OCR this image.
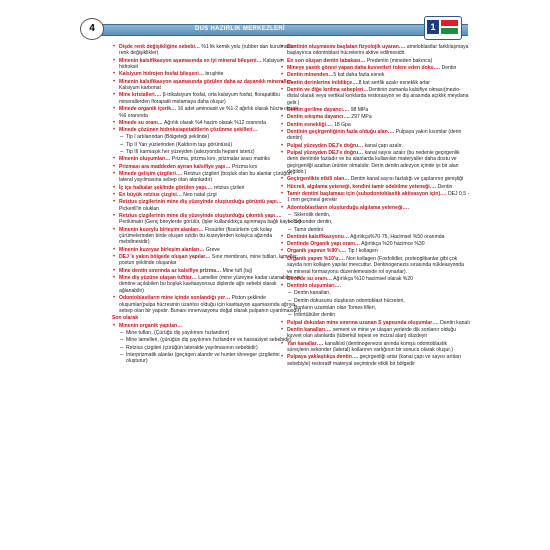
4	DUS HAZIRLIK MERKEZLERİ	1
• Dişde renk değişikliğine sebebi… %1 lik kemik yolu (rubber dan kurulmadan renk değişiklikler)
• Minenin kalsifikasyon aşamasında en iyi mineral bileşeni… Kalsiyum hidroksit
• Kalsiyum hidrojen fosfat bileşeni… bruşhite
• Minenin kalsifikasyon aşamasında görülen daha az dayanıklı mineraller… Kalsiyum karbonat
• Mine kristalleri…. β-trikalsiyum fosfat, orta kalsiyum fosfat, florapatitbu minerallerden florapatit metamaya daha oluşur)
• Minede organik içerik… 16 adet aminoasit ve %1-2 ağırlık olarak hücre olarak %6 oranında
• Minede su oranı… Ağırlık olarak %4 hacim olarak %12 oranında
• Minede çözünen hidroksiapetatitlerin çözünme şekilleri…
– Tip I artılarından (Bölgeteği şeklinde)
– Tip II Yan yüzlerinden (Kaldırım taşı görüntüsü)
– Tip III karmaşık her yüzeyden (adezyonda hepsini isteriz)
• Minenin oluşumları… Prizma, prizma kını, prizmalar arası matriks
• Prizması ara maddeden ayıran kalsifiye yapı… Prizma kını
• Minede gelişim çizgileri…. Retzius çizgileri (boşluk olan bu alanlar çürüğün lateral yayılmasına sebep olan alanlardır)
• İç içe halkalar şeklinde görülen yapı…. retzius çizileri
• En büyük retzius çizgisi… Neo natal çizgi
• Retzius çizgilerinin mine diş yüzeyinde oluşturduğu görüntü yapı… Pickerill'in olukları
• Retzius çizgilerinin mine diş yüzeyinde oluşturduğu çıkıntılı yapı…. Perikimatri (Genç bireylerde görülür, (işler kullanıldıkça aşınmaya bağlı kaybolur)
• Minenin kuzeylu birleşim alanları… Fissürler (fissürlerin çok kolay çürümelerinden birde oluşan ozidin bu kuzeylerden kolayca ağzında mebdinesidir)
• Minenin kuzeyaz birleşim alanları… Greve
• DEJ 'e yakın bölgede oluşan yapılar… Sınır membranı, mine tutiları, lameller, postun şeklinde oluşanlar
• Mine dentin sınırında az kalsifiye prizma… Mine tuft (tuj)
• Mine diş yüzüne ulaşan tuftlar… Lameller (mine yüzeyine kadar uzanabilen ve dentine açılabilen bu boşluk kavitasyonsuz dişlerde ağrı sebebi olarak ağlanabilir)
• Odontoblastların mine içinde sonlandığı yer… Piston şeklinde oluşumlar(pulpa hücresinin uzantısı olduğu için kavitasyon aşamasında ağrıya sebep olan bir yapıdır. Bunanı innervasyonu doğal olarak pulpanın uyarılmasıdır)
Son olarak
• Minenin organik yapıları…
– Mine tufları, (Çürüğü diş yayılımını hızlandırır)
– Mine lamelleri, (çürüğün diş yayılımını hızlandırır ve hassasiyet sebebidir)
– Retzius çizgileri (çürüğün lateralde yayılmasının sebebidir)
– İnterprizmatik alanlar (geçirgen alandır ve hunter shreeger çizgilerini oluşturur)
• Dentinin oluşmasını başlatan fizyolojik uyaran…. ameloblastlar farklılaşmaya başlayınca odontoblast hücrelerini aktive edilmesidir.
• En son oluşan dentin tabakası… Predentin (mineden bakınca)
• Mineye yastık görevi yapan daha kuvvetleri tolere eden doku…. Dentin
• Dentin minenden…5 kat daha fazla esnek
• Dentin derinlerine inildikçe….8 kat sertlik azalır esneklik artar
• Dentin ve diğe kırılma sebepleri…Dentinin zamanla kalsifiye olması(mezio-distal olarak veya vertikal kırıklarda restorasyon ve diş arasında açıklık meydana gelir.)
• Dentin gerilme dayancı…. 98 MPa
• Dentin sıkışma dayancı…. 297 MPa
• Dentin esnekliği…. 18 Gpa
• Dentinin geçirgenliğinin fazla olduğu alan…. Pulpaya yakın kısımlar (derin dentin)
• Pulpal yüzeyden DEJ'e doğru… kanal çapı azalır.
• Pulpal yüzeyden DEJ'e doğru… kanal sayısı azalır (bu nedenle geçirgenlik derin dentinde fazladır ve bu alanlarda kullanılan materyaller daha dostu ve geçirgenliği azaltan ürünler olmalıdır. Derin dentin adezyon içinde iyi bir alan değildir.)
• Geçirgenlikte etkili olan… Dentin kanal sayısı fazlalığı ve çaplarının genişliği
• Hücreli, algılama yeteneği, kendini tamir edebilme yeteneği…. Dentin
• Tamir dentini başlaması için (subodontoblastik aktivasyon için)…. DEJ 0,5 - 1 mm geçmesi gerekir
• Adontoblastların oluşturduğu algılama yeteneği….
– Sklerotik dentin,
– Sekonder dentin,
– Tamir dentini
• Dentinin kalsifikasyonu… Ağırlıkça%70-75, Hacimsel %50 oranında
• Dentinde Organik yapı oranı… Ağırlıkça %20 hacimce %30
• Organik yapının %90'ı…. Tip I kollagen
• Organik yapım %10'u…. Non kollagen (Fosfolidler, proteoglikanlar gibi çok sayıda non kollajen yapılar mevcuttur. Dentinogenezis sırasında nükleasyonda ve mineral formasyonu düzenlemesinde rol oynarlar).
• Dentide su oranı… Ağırlıkça %10 hacimsel olarak %20
• Dentinin oluşumları….
– Dentin kanalları,
– Dentin dokusunu oluşturan odontoblast hücreleri,
– Bunların uzantıları olan Tomes lifleri,
– İntertübüler dentin
• Pulpal dokudan mine sınırına uzanan S yapısında oluşumlar…. Dentin kanalı
• Dentin kanalları…. sement ve mine ye ulaşan yerlerde dik sonlanır olduğu kuvvet olan alanlarda (tüberkül tepesi ve incizal alan) düzdeyir
• Yan kanallar…. kanallılıd (dentinogenezis anında komşu odontoblastik süreçlerin sekonder (lateral) kollarının varlığının bir sonucu olarak oluşur.)
• Pulpaya yaklaştıkça dentin…. geçirgenliği artar (kanal çapı ve sayısı artıları sebebiyle) restoratif materyal seçiminde etkili bir bölgedir
